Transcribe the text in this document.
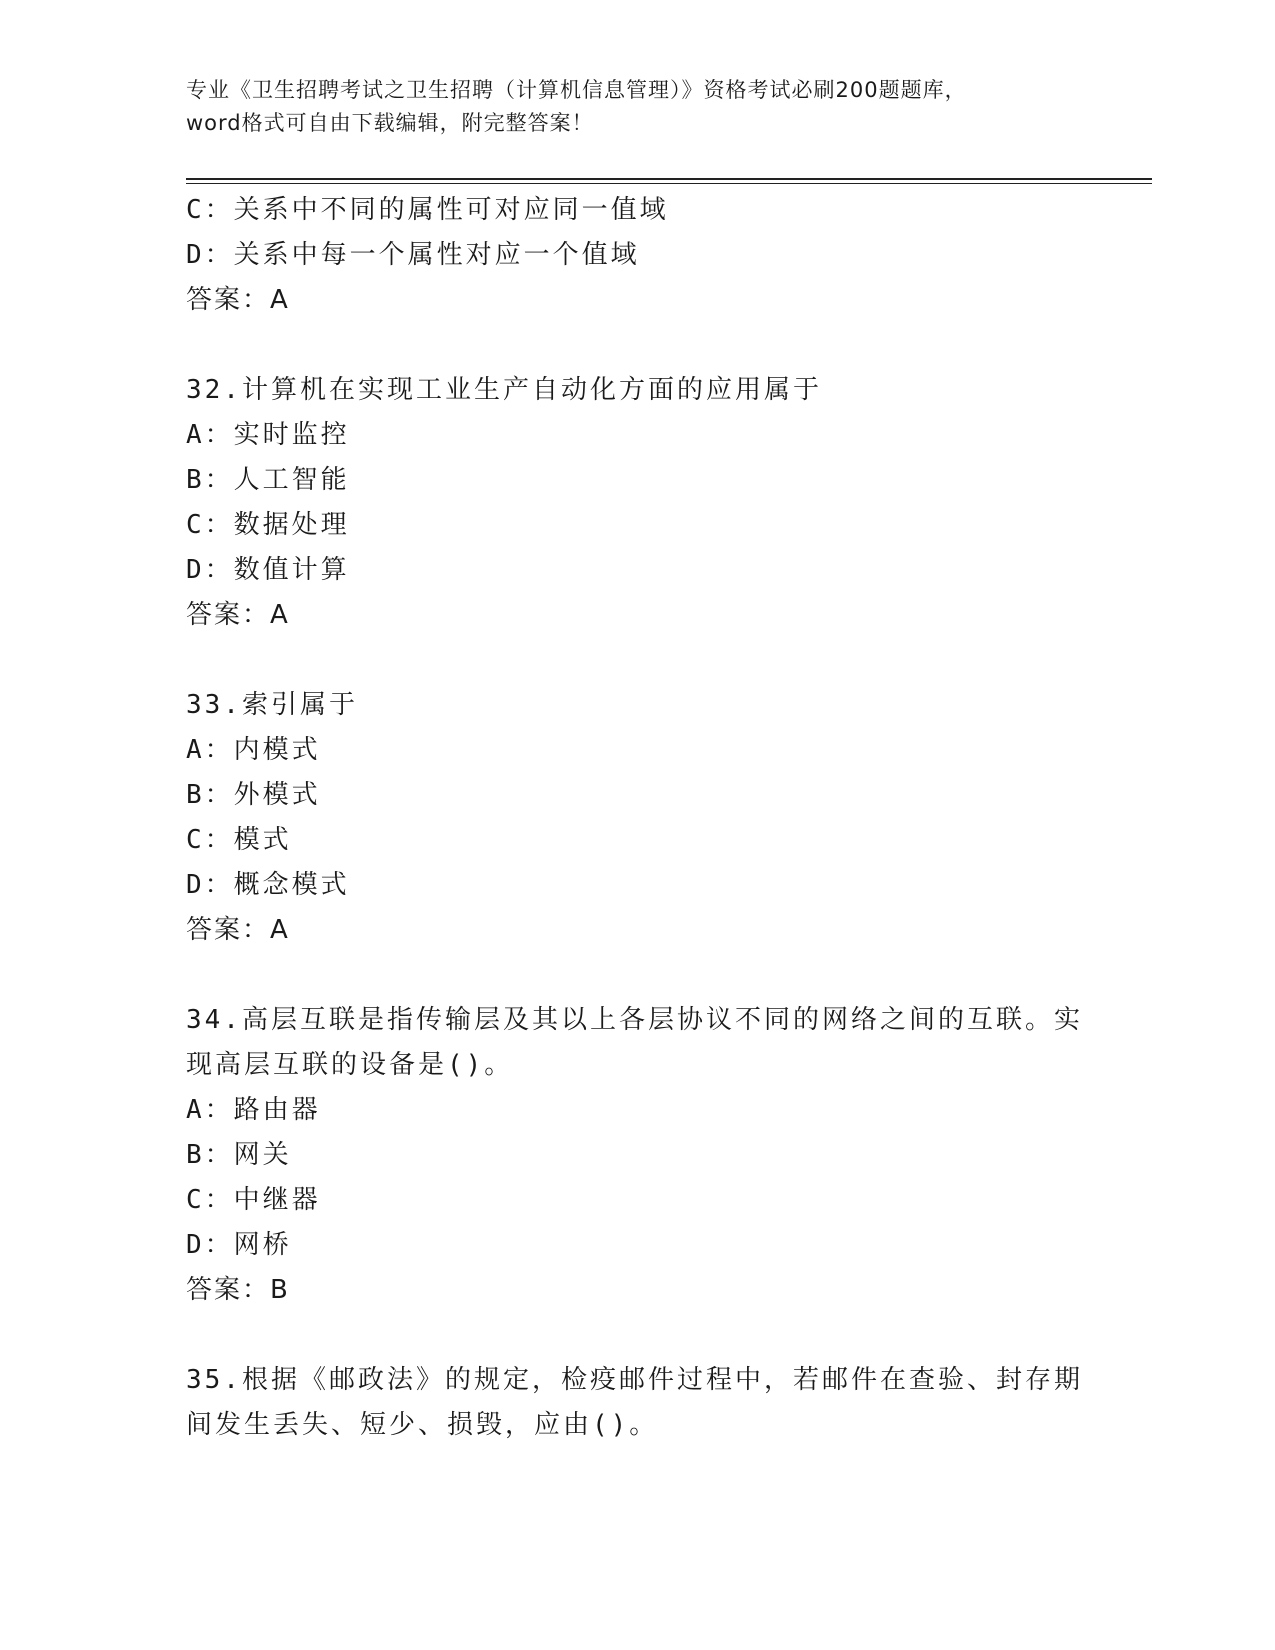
专业《卫生招聘考试之卫生招聘（计算机信息管理）》资格考试必刷200题题库，
word格式可自由下载编辑，附完整答案！
C：关系中不同的属性可对应同一值域
D：关系中每一个属性对应一个值域
答案：A
32.计算机在实现工业生产自动化方面的应用属于
A：实时监控
B：人工智能
C：数据处理
D：数值计算
答案：A
33.索引属于
A：内模式
B：外模式
C：模式
D：概念模式
答案：A
34.高层互联是指传输层及其以上各层协议不同的网络之间的互联。实
现高层互联的设备是()。
A：路由器
B：网关
C：中继器
D：网桥
答案：B
35.根据《邮政法》的规定，检疫邮件过程中，若邮件在查验、封存期
间发生丢失、短少、损毁，应由()。
